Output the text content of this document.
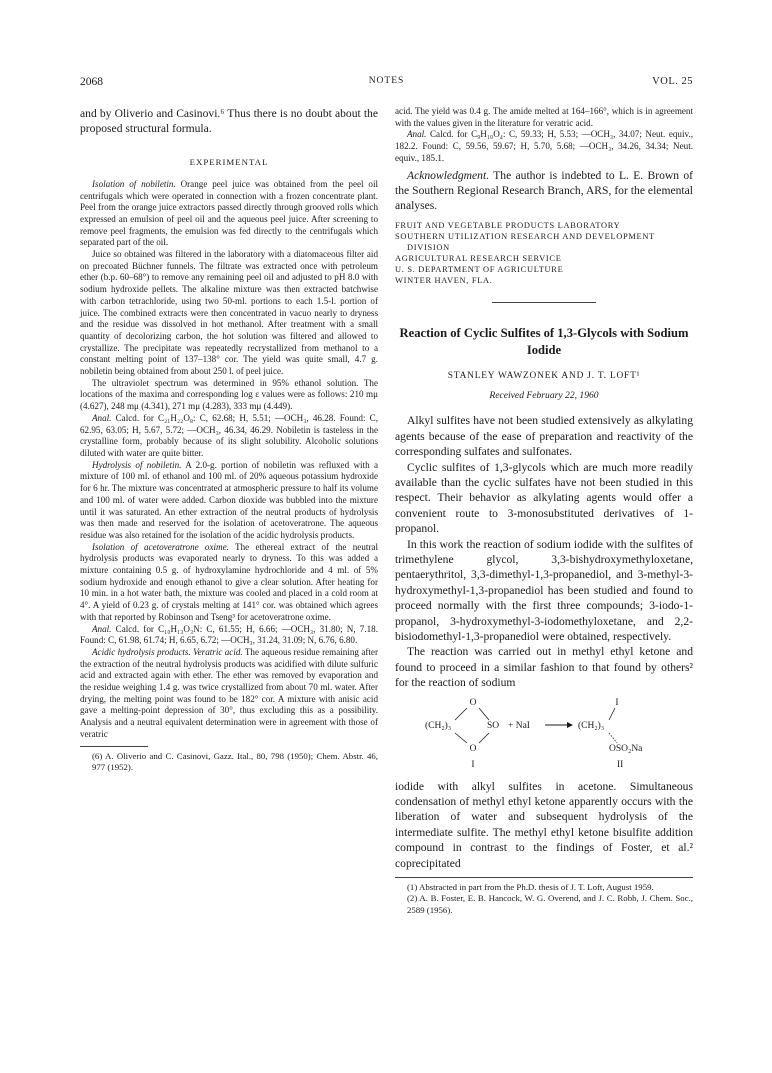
2068	NOTES	VOL. 25

and by Oliverio and Casinovi.⁶ Thus there is no doubt about the proposed structural formula.

EXPERIMENTAL

Isolation of nobiletin. Orange peel juice was obtained from the peel oil centrifugals which were operated in connection with a frozen concentrate plant. Peel from the orange juice extractors passed directly through grooved rolls which expressed an emulsion of peel oil and the aqueous peel juice. After screening to remove peel fragments, the emulsion was fed directly to the centrifugals which separated part of the oil.

Juice so obtained was filtered in the laboratory with a diatomaceous filter aid on precoated Büchner funnels. The filtrate was extracted once with petroleum ether (b.p. 60–68°) to remove any remaining peel oil and adjusted to pH 8.0 with sodium hydroxide pellets. The alkaline mixture was then extracted batchwise with carbon tetrachloride, using two 50-ml. portions to each 1.5-l. portion of juice. The combined extracts were then concentrated in vacuo nearly to dryness and the residue was dissolved in hot methanol. After treatment with a small quantity of decolorizing carbon, the hot solution was filtered and allowed to crystallize. The precipitate was repeatedly recrystallized from methanol to a constant melting point of 137–138° cor. The yield was quite small, 4.7 g. nobiletin being obtained from about 250 l. of peel juice.

The ultraviolet spectrum was determined in 95% ethanol solution. The locations of the maxima and corresponding log ε values were as follows: 210 mμ (4.627), 248 mμ (4.341), 271 mμ (4.283), 333 mμ (4.449).

Anal. Calcd. for C₂₁H₂₂O₈: C, 62.68; H, 5.51; —OCH₃, 46.28. Found: C, 62.95, 63.05; H, 5.67, 5.72; —OCH₃, 46.34, 46.29. Nobiletin is tasteless in the crystalline form, probably because of its slight solubility. Alcoholic solutions diluted with water are quite bitter.

Hydrolysis of nobiletin. A 2.0-g. portion of nobiletin was refluxed with a mixture of 100 ml. of ethanol and 100 ml. of 20% aqueous potassium hydroxide for 6 hr. The mixture was concentrated at atmospheric pressure to half its volume and 100 ml. of water were added. Carbon dioxide was bubbled into the mixture until it was saturated. An ether extraction of the neutral products of hydrolysis was then made and reserved for the isolation of acetoveratrone. The aqueous residue was also retained for the isolation of the acidic hydrolysis products.

Isolation of acetoveratrone oxime. The ethereal extract of the neutral hydrolysis products was evaporated nearly to dryness. To this was added a mixture containing 0.5 g. of hydroxylamine hydrochloride and 4 ml. of 5% sodium hydroxide and enough ethanol to give a clear solution. After heating for 10 min. in a hot water bath, the mixture was cooled and placed in a cold room at 4°. A yield of 0.23 g. of crystals melting at 141° cor. was obtained which agrees with that reported by Robinson and Tseng³ for acetoveratrone oxime.

Anal. Calcd. for C₁₀H₁₃O₃N: C, 61.55; H, 6.66; —OCH₃, 31.80; N, 7.18. Found: C, 61.98, 61.74; H, 6.65, 6.72; —OCH₃, 31.24, 31.09; N, 6.76, 6.80.

Acidic hydrolysis products. Veratric acid. The aqueous residue remaining after the extraction of the neutral hydrolysis products was acidified with dilute sulfuric acid and extracted again with ether. The ether was removed by evaporation and the residue weighing 1.4 g. was twice crystallized from about 70 ml. water. After drying, the melting point was found to be 182° cor. A mixture with anisic acid gave a melting-point depression of 30°, thus excluding this as a possibility. Analysis and a neutral equivalent determination were in agreement with those of veratric

(6) A. Oliverio and C. Casinovi, Gazz. Ital., 80, 798 (1950); Chem. Abstr. 46, 977 (1952).

acid. The yield was 0.4 g. The amide melted at 164–166°, which is in agreement with the values given in the literature for veratric acid.

Anal. Calcd. for C₉H₁₀O₄: C, 59.33; H, 5.53; —OCH₃, 34.07; Neut. equiv., 182.2. Found: C, 59.56, 59.67; H, 5.70, 5.68; —OCH₃, 34.26, 34.34; Neut. equiv., 185.1.

Acknowledgment. The author is indebted to L. E. Brown of the Southern Regional Research Branch, ARS, for the elemental analyses.

FRUIT AND VEGETABLE PRODUCTS LABORATORY
SOUTHERN UTILIZATION RESEARCH AND DEVELOPMENT
DIVISION
AGRICULTURAL RESEARCH SERVICE
U. S. DEPARTMENT OF AGRICULTURE
WINTER HAVEN, FLA.
Reaction of Cyclic Sulfites of 1,3-Glycols with Sodium Iodide
STANLEY WAWZONEK AND J. T. LOFT¹
Received February 22, 1960

Alkyl sulfites have not been studied extensively as alkylating agents because of the ease of preparation and reactivity of the corresponding sulfates and sulfonates.

Cyclic sulfites of 1,3-glycols which are much more readily available than the cyclic sulfates have not been studied in this respect. Their behavior as alkylating agents would offer a convenient route to 3-monosubstituted derivatives of 1-propanol.

In this work the reaction of sodium iodide with the sulfites of trimethylene glycol, 3,3-bishydroxymethyloxetane, pentaerythritol, 3,3-dimethyl-1,3-propanediol, and 3-methyl-3-hydroxymethyl-1,3-propanediol has been studied and found to proceed normally with the first three compounds; 3-iodo-1-propanol, 3-hydroxymethyl-3-iodomethyloxetane, and 2,2-bisiodomethyl-1,3-propanediol were obtained, respectively.

The reaction was carried out in methyl ethyl ketone and found to proceed in a similar fashion to that found by others² for the reaction of sodium

O
(CH₂)₃	SO + NaI
O
I
I
(CH₂)₃
OSO₂Na
II

iodide with alkyl sulfites in acetone. Simultaneous condensation of methyl ethyl ketone apparently occurs with the liberation of water and subsequent hydrolysis of the intermediate sulfite. The methyl ethyl ketone bisulfite addition compound in contrast to the findings of Foster, et al.² coprecipitated

(1) Abstracted in part from the Ph.D. thesis of J. T. Loft, August 1959.

(2) A. B. Foster, E. B. Hancock, W. G. Overend, and J. C. Robb, J. Chem. Soc., 2589 (1956).
